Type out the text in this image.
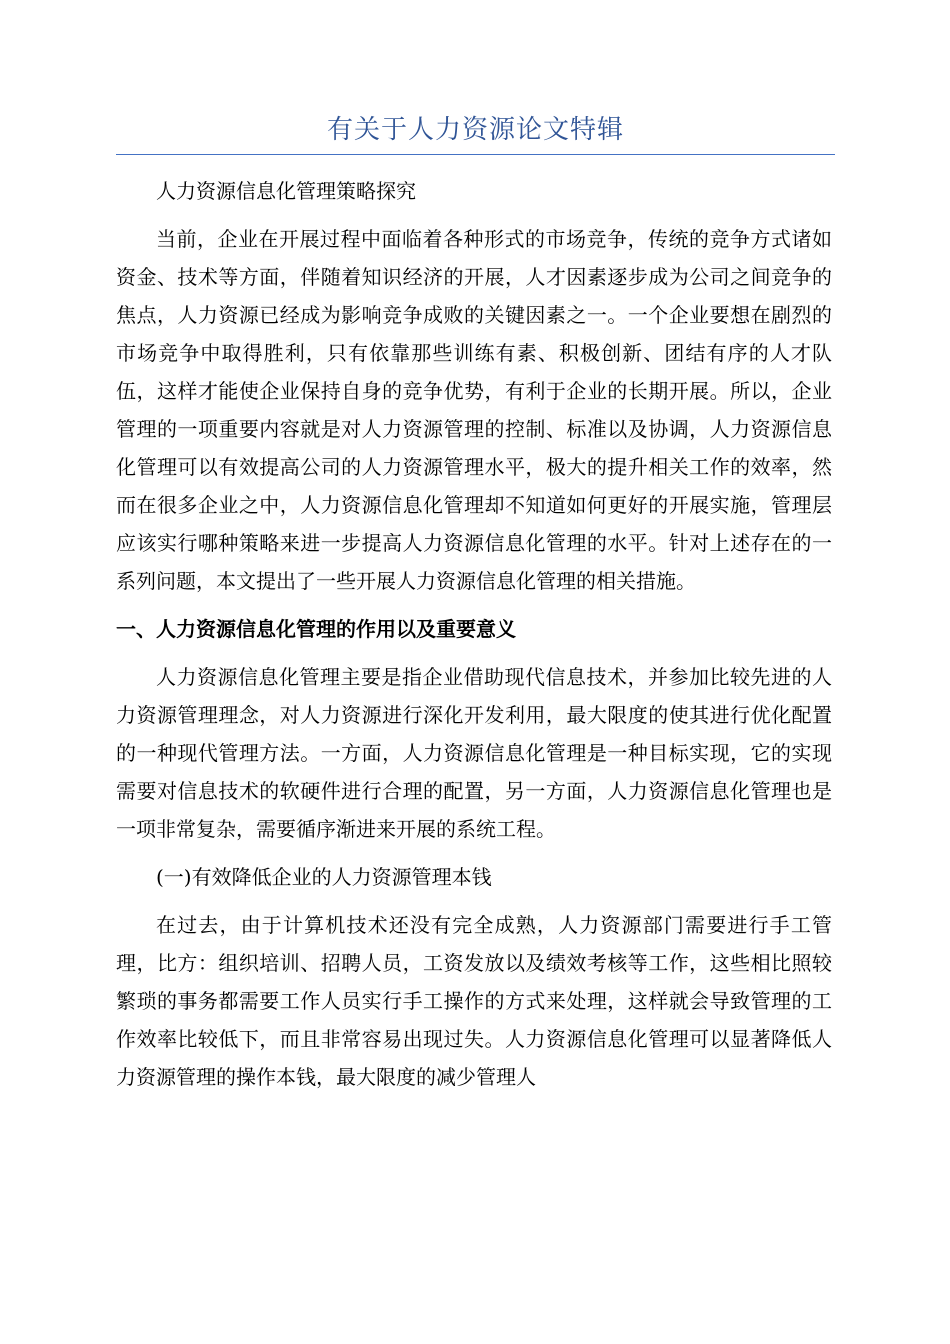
有关于人力资源论文特辑

人力资源信息化管理策略探究

当前，企业在开展过程中面临着各种形式的市场竞争，传统的竞争方式诸如资金、技术等方面，伴随着知识经济的开展，人才因素逐步成为公司之间竞争的焦点，人力资源已经成为影响竞争成败的关键因素之一。一个企业要想在剧烈的市场竞争中取得胜利，只有依靠那些训练有素、积极创新、团结有序的人才队伍，这样才能使企业保持自身的竞争优势，有利于企业的长期开展。所以，企业管理的一项重要内容就是对人力资源管理的控制、标准以及协调，人力资源信息化管理可以有效提高公司的人力资源管理水平，极大的提升相关工作的效率，然而在很多企业之中，人力资源信息化管理却不知道如何更好的开展实施，管理层应该实行哪种策略来进一步提高人力资源信息化管理的水平。针对上述存在的一系列问题，本文提出了一些开展人力资源信息化管理的相关措施。

一、人力资源信息化管理的作用以及重要意义

人力资源信息化管理主要是指企业借助现代信息技术，并参加比较先进的人力资源管理理念，对人力资源进行深化开发利用，最大限度的使其进行优化配置的一种现代管理方法。一方面，人力资源信息化管理是一种目标实现，它的实现需要对信息技术的软硬件进行合理的配置，另一方面，人力资源信息化管理也是一项非常复杂，需要循序渐进来开展的系统工程。

(一)有效降低企业的人力资源管理本钱

在过去，由于计算机技术还没有完全成熟，人力资源部门需要进行手工管理，比方：组织培训、招聘人员，工资发放以及绩效考核等工作，这些相比照较繁琐的事务都需要工作人员实行手工操作的方式来处理，这样就会导致管理的工作效率比较低下，而且非常容易出现过失。人力资源信息化管理可以显著降低人力资源管理的操作本钱，最大限度的减少管理人
